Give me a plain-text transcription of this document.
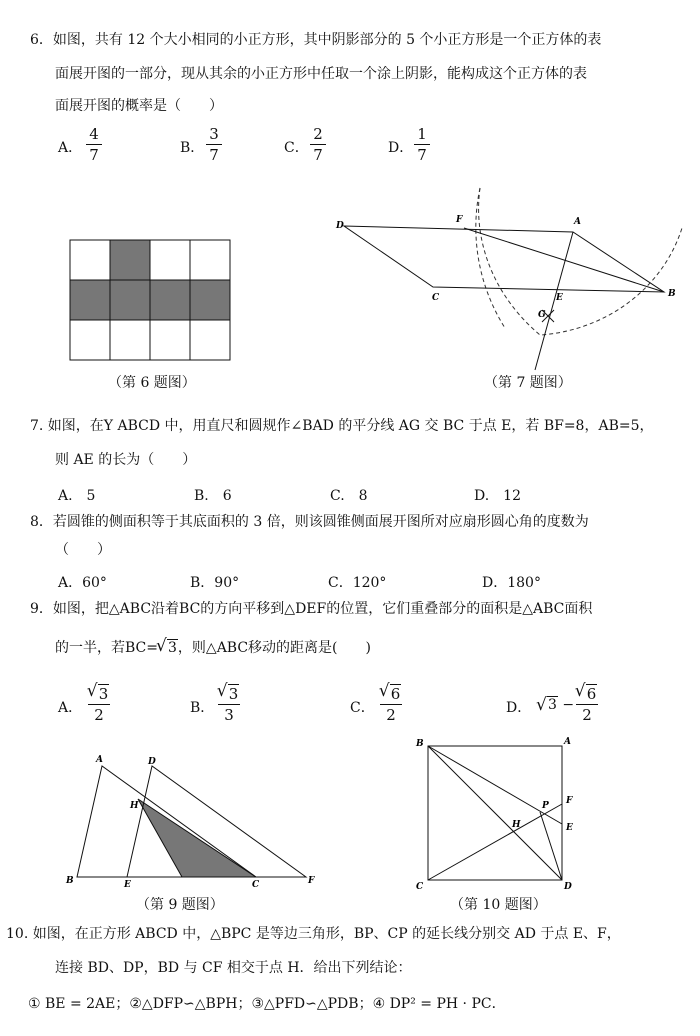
6．如图，共有 12 个大小相同的小正方形，其中阴影部分的 5 个小正方形是一个正方体的表
面展开图的一部分，现从其余的小正方形中任取一个涂上阴影，能构成这个正方体的表
面展开图的概率是（　　）
A．
4
7	B．
3
7	C．
2
7	D．
1
7
（第 6 题图）
D
F	A
C	E	B
G
（第 7 题图）
7. 如图，在Y ABCD 中，用直尺和圆规作∠BAD 的平分线 AG 交 BC 于点 E，若 BF=8，AB=5，
则 AE 的长为（　　）
A.　5	B.　6	C.　8	D.　12
8．若圆锥的侧面积等于其底面积的 3 倍，则该圆锥侧面展开图所对应扇形圆心角的度数为
（　　）
A．60°	B．90°	C．120°	D．180°
9．如图，把△ABC沿着BC的方向平移到△DEF的位置，它们重叠部分的面积是△ABC面积
的一半，若BC= √ 3，则△ABC移动的距离是(　　)
A．
√ 3
2	B．
√ 3
3	C．
√ 6
2	D．	√ 3 −
√ 6
2
A	D
H
B	E	C	F
（第 9 题图）
B	A
P F
H	E
C	D
（第 10 题图）
10. 如图，在正方形 ABCD 中，△BPC 是等边三角形，BP、CP 的延长线分别交 AD 于点 E、F，
连接 BD、DP，BD 与 CF 相交于点 H．给出下列结论：
① BE = 2AE；②△DFP∽△BPH；③△PFD∽△PDB；④ DP² = PH · PC．
